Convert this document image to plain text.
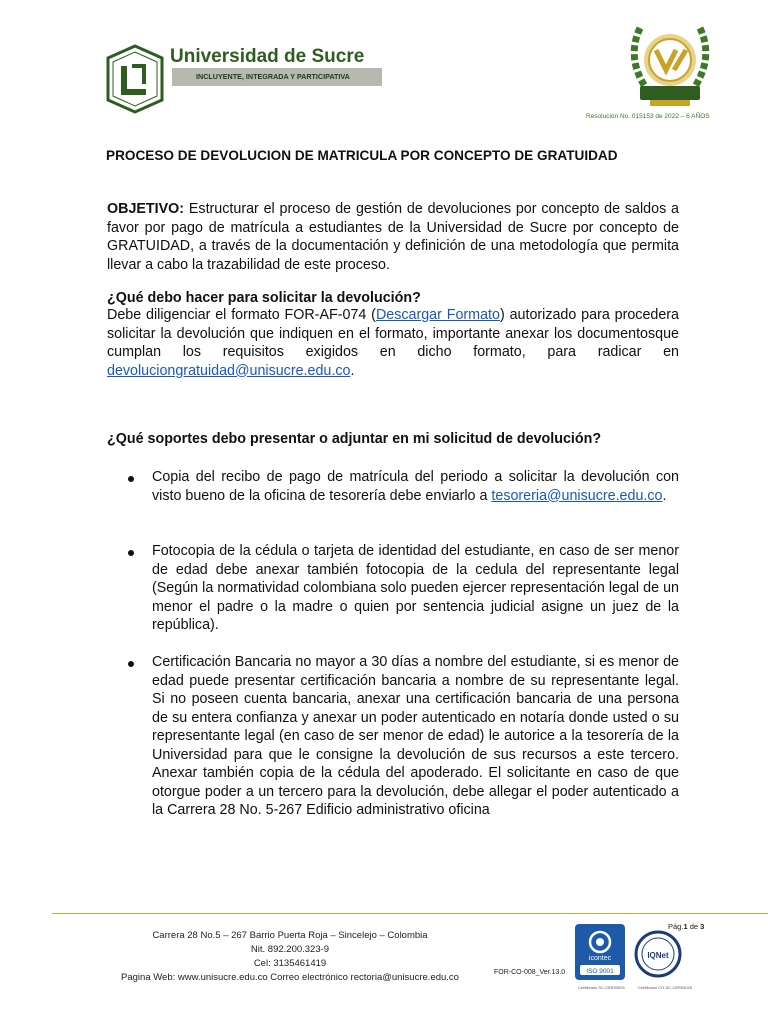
Universidad de Sucre
INCLUYENTE, INTEGRADA Y PARTICIPATIVA
Resolución No. 015153 de 2022 – 6 AÑOS
PROCESO DE DEVOLUCION DE MATRICULA POR CONCEPTO DE GRATUIDAD
OBJETIVO: Estructurar el proceso de gestión de devoluciones por concepto de saldos a favor por pago de matrícula a estudiantes de la Universidad de Sucre por concepto de GRATUIDAD, a través de la documentación y definición de una metodología que permita llevar a cabo la trazabilidad de este proceso.
¿Qué debo hacer para solicitar la devolución?
Debe diligenciar el formato FOR-AF-074 (Descargar Formato) autorizado para procedera solicitar la devolución que indiquen en el formato, importante anexar los documentosque cumplan los requisitos exigidos en dicho formato, para radicar en devoluciongratuidad@unisucre.edu.co.
¿Qué soportes debo presentar o adjuntar en mi solicitud de devolución?
Copia del recibo de pago de matrícula del periodo a solicitar la devolución con visto bueno de la oficina de tesorería debe enviarlo a tesoreria@unisucre.edu.co.
Fotocopia de la cédula o tarjeta de identidad del estudiante, en caso de ser menor de edad debe anexar también fotocopia de la cedula del representante legal (Según la normatividad colombiana solo pueden ejercer representación legal de un menor el padre o la madre o quien por sentencia judicial asigne un juez de la república).
Certificación Bancaria no mayor a 30 días a nombre del estudiante, si es menor de edad puede presentar certificación bancaria a nombre de su representante legal. Si no poseen cuenta bancaria, anexar una certificación bancaria de una persona de su entera confianza y anexar un poder autenticado en notaría donde usted o su representante legal (en caso de ser menor de edad) le autorice a la tesorería de la Universidad para que le consigne la devolución de sus recursos a este tercero. Anexar también copia de la cédula del apoderado. El solicitante en caso de que otorgue poder a un tercero para la devolución, debe allegar el poder autenticado a la Carrera 28 No. 5-267 Edificio administrativo oficina
Carrera 28 No.5 – 267 Barrio Puerta Roja – Sincelejo – Colombia
Nit. 892.200.323-9
Cel: 3135461419
Pagina Web: www.unisucre.edu.co Correo electrónico rectoria@unisucre.edu.co	FOR-CO-008_Ver.13.0
Pág.1 de 3
icontec
ISO 9001
IQNet
Certificado SC-CER93025	Certificado CO-SC-CER93025
